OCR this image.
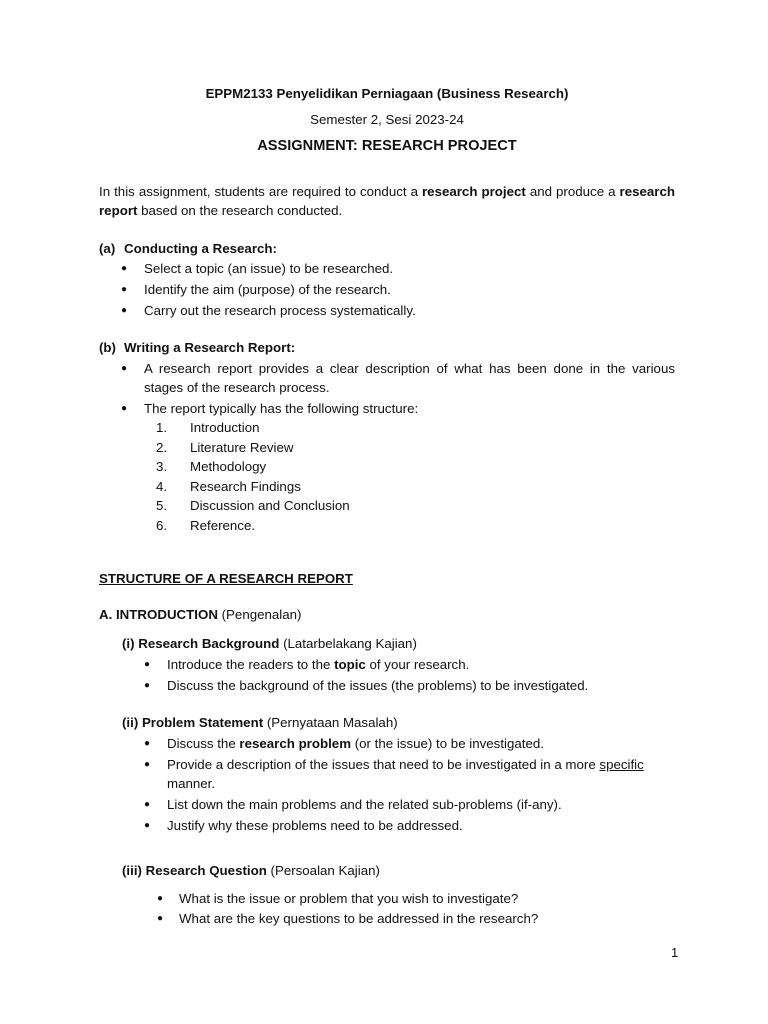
EPPM2133 Penyelidikan Perniagaan (Business Research)

Semester 2, Sesi 2023-24

ASSIGNMENT: RESEARCH PROJECT

In this assignment, students are required to conduct a research project and produce a research report based on the research conducted.

(a) Conducting a Research:

● Select a topic (an issue) to be researched.
● Identify the aim (purpose) of the research.
● Carry out the research process systematically.

(b) Writing a Research Report:

● A research report provides a clear description of what has been done in the various stages of the research process.
● The report typically has the following structure:
1. Introduction
2. Literature Review
3. Methodology
4. Research Findings
5. Discussion and Conclusion
6. Reference.

STRUCTURE OF A RESEARCH REPORT

A. INTRODUCTION (Pengenalan)

(i) Research Background (Latarbelakang Kajian)

● Introduce the readers to the topic of your research.
● Discuss the background of the issues (the problems) to be investigated.

(ii) Problem Statement (Pernyataan Masalah)

● Discuss the research problem (or the issue) to be investigated.
● Provide a description of the issues that need to be investigated in a more specific manner.
● List down the main problems and the related sub-problems (if-any).
● Justify why these problems need to be addressed.

(iii) Research Question (Persoalan Kajian)

● What is the issue or problem that you wish to investigate?
● What are the key questions to be addressed in the research?
1
